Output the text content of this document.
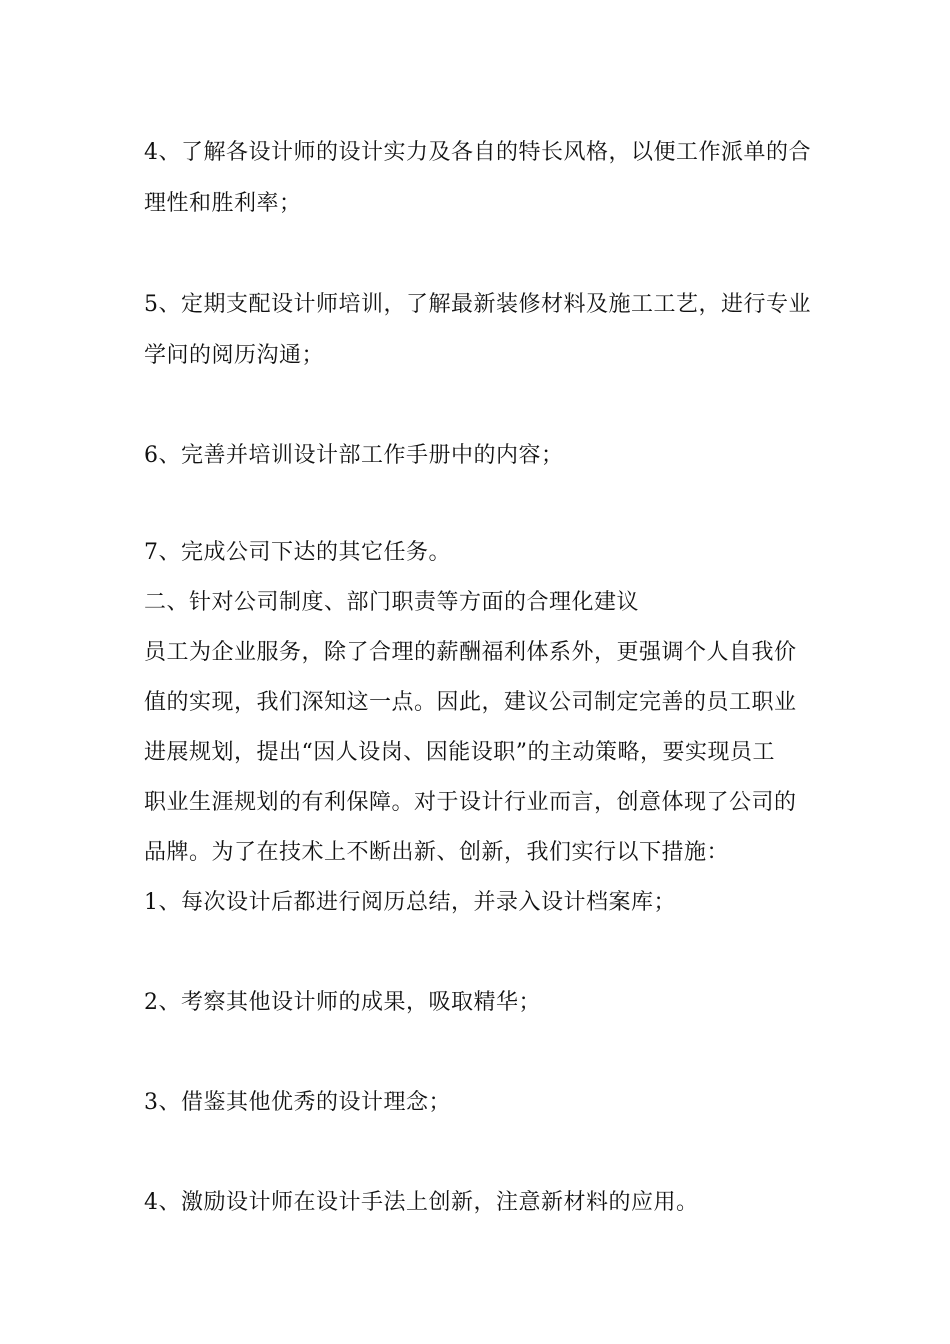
4、了解各设计师的设计实力及各自的特长风格，以便工作派单的合
理性和胜利率；
5、定期支配设计师培训，了解最新装修材料及施工工艺，进行专业
学问的阅历沟通；
6、完善并培训设计部工作手册中的内容；
7、完成公司下达的其它任务。
二、针对公司制度、部门职责等方面的合理化建议
员工为企业服务，除了合理的薪酬福利体系外，更强调个人自我价
值的实现，我们深知这一点。因此，建议公司制定完善的员工职业
进展规划，提出“因人设岗、因能设职”的主动策略，要实现员工
职业生涯规划的有利保障。对于设计行业而言，创意体现了公司的
品牌。为了在技术上不断出新、创新，我们实行以下措施：
1、每次设计后都进行阅历总结，并录入设计档案库；
2、考察其他设计师的成果，吸取精华；
3、借鉴其他优秀的设计理念；
4、激励设计师在设计手法上创新，注意新材料的应用。
